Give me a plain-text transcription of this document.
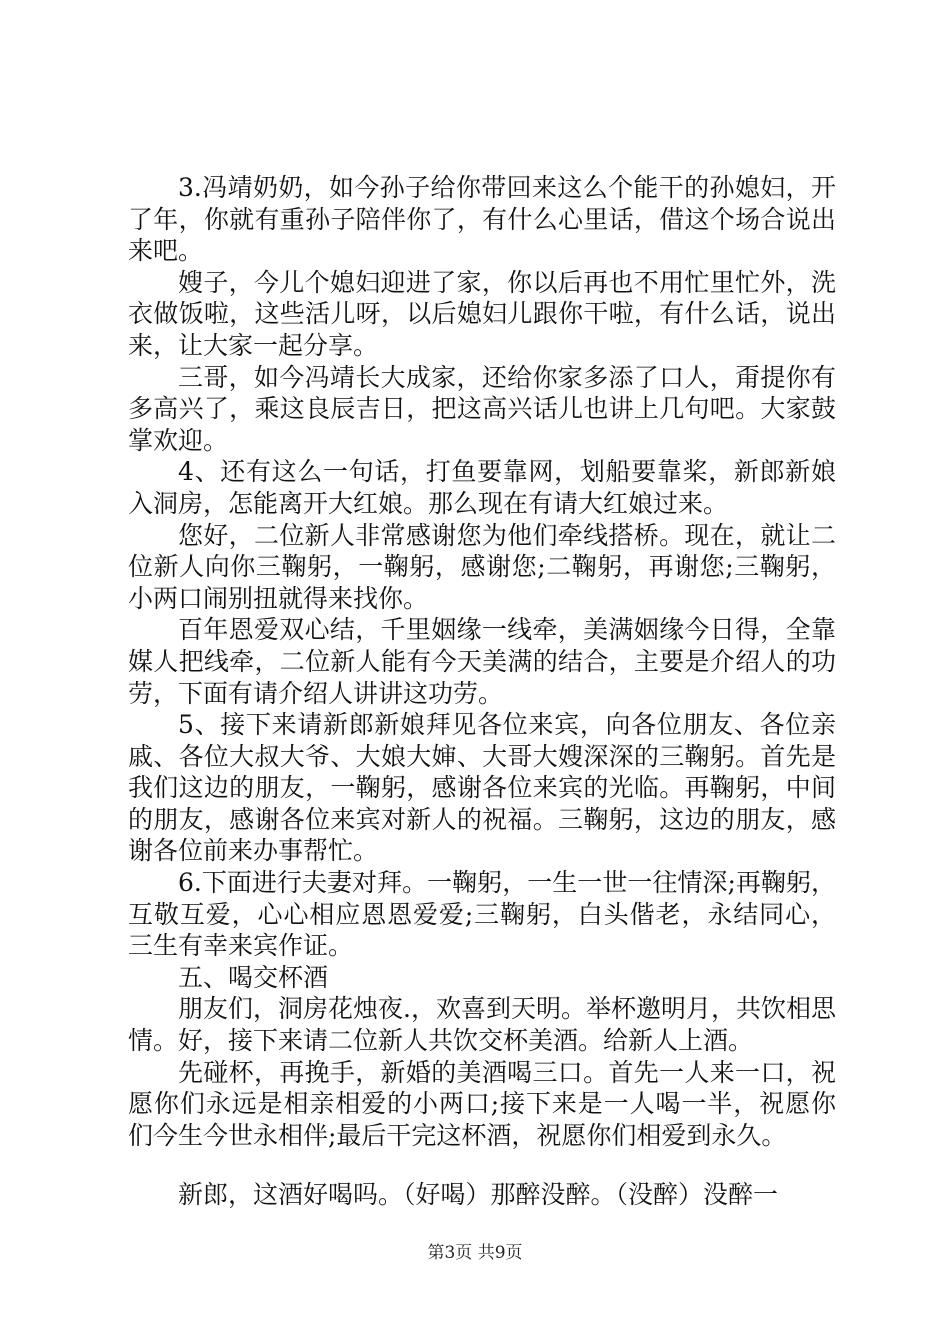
3.冯靖奶奶，如今孙子给你带回来这么个能干的孙媳妇，开了年，你就有重孙子陪伴你了，有什么心里话，借这个场合说出来吧。

嫂子，今儿个媳妇迎进了家，你以后再也不用忙里忙外，洗衣做饭啦，这些活儿呀，以后媳妇儿跟你干啦，有什么话，说出来，让大家一起分享。

三哥，如今冯靖长大成家，还给你家多添了口人，甭提你有多高兴了，乘这良辰吉日，把这高兴话儿也讲上几句吧。大家鼓掌欢迎。

4、还有这么一句话，打鱼要靠网，划船要靠桨，新郎新娘入洞房，怎能离开大红娘。那么现在有请大红娘过来。

您好，二位新人非常感谢您为他们牵线搭桥。现在，就让二位新人向你三鞠躬，一鞠躬，感谢您;二鞠躬，再谢您;三鞠躬，小两口闹别扭就得来找你。

百年恩爱双心结，千里姻缘一线牵，美满姻缘今日得，全靠媒人把线牵，二位新人能有今天美满的结合，主要是介绍人的功劳，下面有请介绍人讲讲这功劳。

5、接下来请新郎新娘拜见各位来宾，向各位朋友、各位亲戚、各位大叔大爷、大娘大婶、大哥大嫂深深的三鞠躬。首先是我们这边的朋友，一鞠躬，感谢各位来宾的光临。再鞠躬，中间的朋友，感谢各位来宾对新人的祝福。三鞠躬，这边的朋友，感谢各位前来办事帮忙。

6.下面进行夫妻对拜。一鞠躬，一生一世一往情深;再鞠躬，互敬互爱，心心相应恩恩爱爱;三鞠躬，白头偕老，永结同心，三生有幸来宾作证。

五、喝交杯酒

朋友们，洞房花烛夜.，欢喜到天明。举杯邀明月，共饮相思情。好，接下来请二位新人共饮交杯美酒。给新人上酒。

先碰杯，再挽手，新婚的美酒喝三口。首先一人来一口，祝愿你们永远是相亲相爱的小两口;接下来是一人喝一半，祝愿你们今生今世永相伴;最后干完这杯酒，祝愿你们相爱到永久。

新郎，这酒好喝吗。（好喝）那醉没醉。（没醉）没醉一

第3页 共9页
